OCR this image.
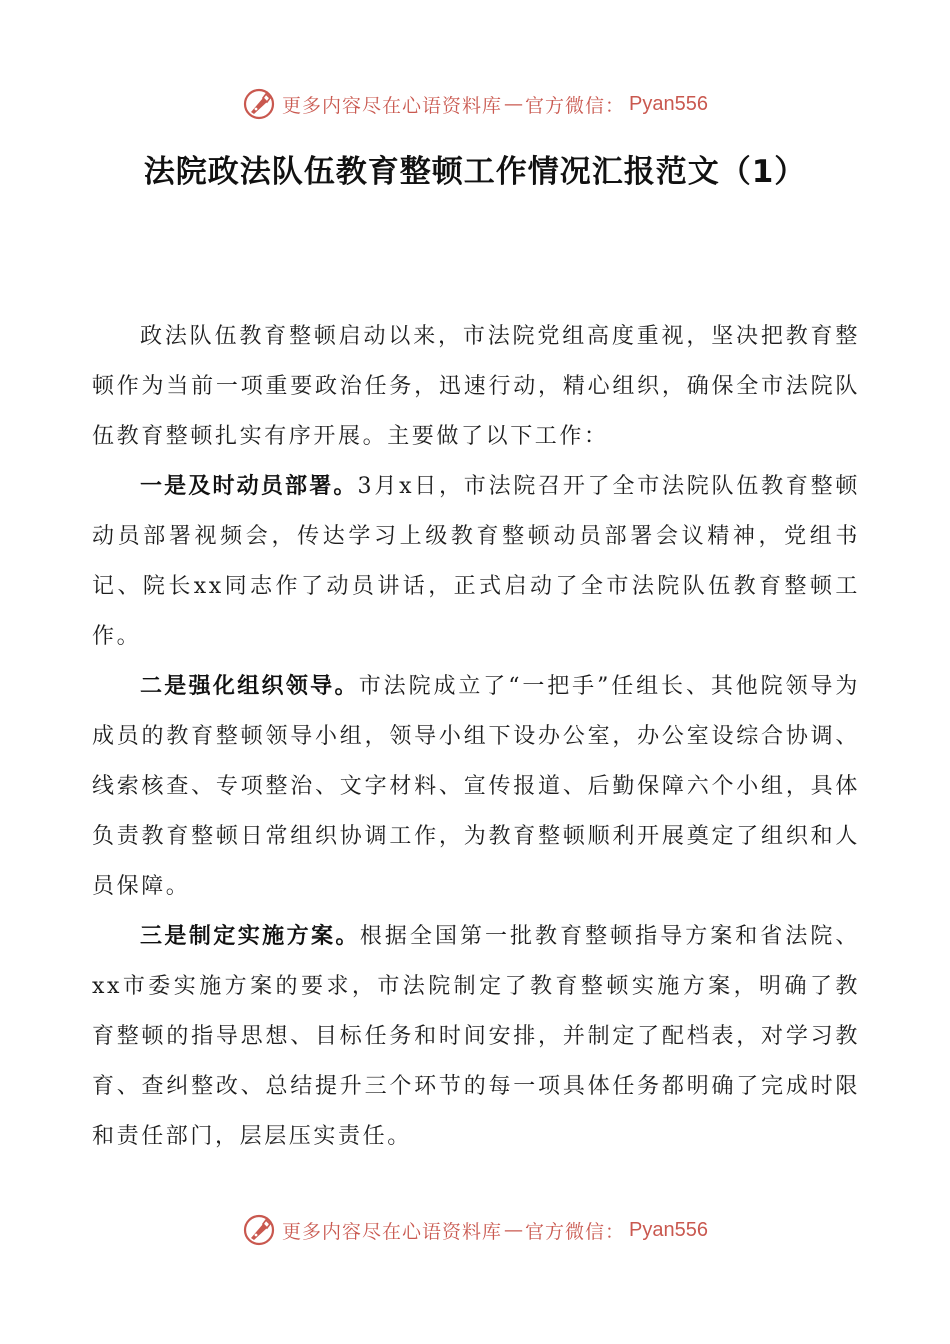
更多内容尽在心语资料库 — 官方微信： Pyan556
法院政法队伍教育整顿工作情况汇报范文（1）

政法队伍教育整顿启动以来，市法院党组高度重视，坚决把教育整顿作为当前一项重要政治任务，迅速行动，精心组织，确保全市法院队伍教育整顿扎实有序开展。主要做了以下工作：

一是及时动员部署。3月x日，市法院召开了全市法院队伍教育整顿动员部署视频会，传达学习上级教育整顿动员部署会议精神，党组书记、院长xx同志作了动员讲话，正式启动了全市法院队伍教育整顿工作。

二是强化组织领导。市法院成立了“一把手”任组长、其他院领导为成员的教育整顿领导小组，领导小组下设办公室，办公室设综合协调、线索核查、专项整治、文字材料、宣传报道、后勤保障六个小组，具体负责教育整顿日常组织协调工作，为教育整顿顺利开展奠定了组织和人员保障。

三是制定实施方案。根据全国第一批教育整顿指导方案和省法院、xx市委实施方案的要求，市法院制定了教育整顿实施方案，明确了教育整顿的指导思想、目标任务和时间安排，并制定了配档表，对学习教育、查纠整改、总结提升三个环节的每一项具体任务都明确了完成时限和责任部门，层层压实责任。

更多内容尽在心语资料库 — 官方微信： Pyan556
